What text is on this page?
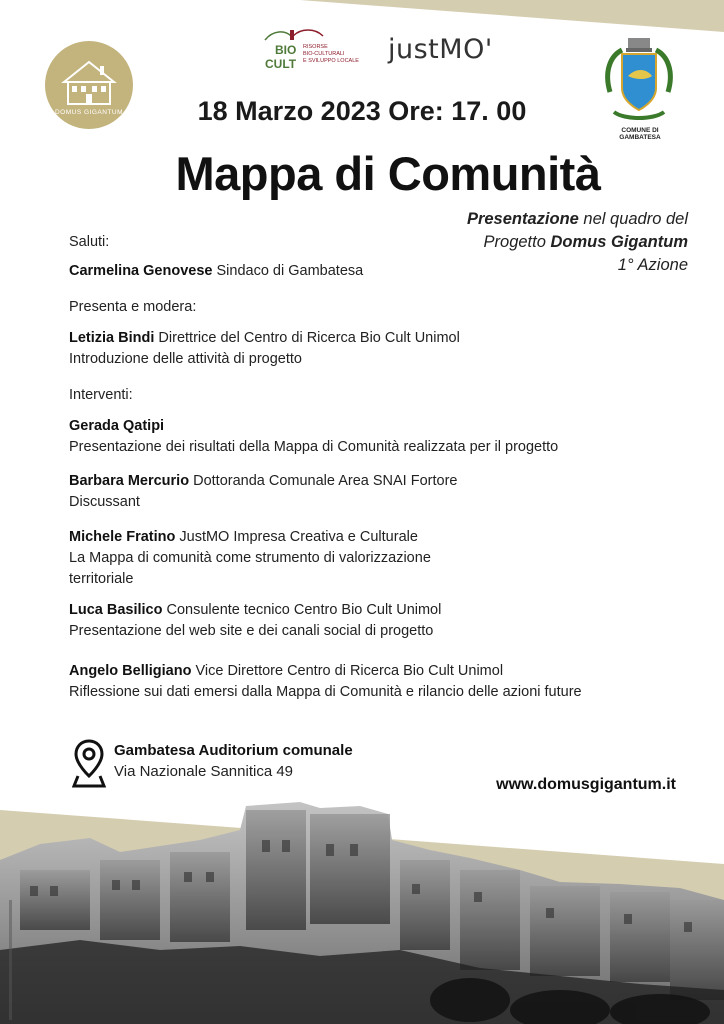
DOMUS GIGANTUM
BIO
CULT
RISORSE
BIO-CULTURALI
E SVILUPPO LOCALE justMO'
COMUNE DI GAMBATESA
18 Marzo 2023 Ore: 17. 00
Mappa di Comunità
Presentazione nel quadro del
Progetto Domus Gigantum
1° Azione
Saluti:
Carmelina Genovese Sindaco di Gambatesa
Presenta e modera:
Letizia Bindi Direttrice del Centro di Ricerca Bio Cult Unimol
Introduzione delle attività di progetto
Interventi:
Gerada Qatipi
Presentazione dei risultati della Mappa di Comunità realizzata per il progetto
Barbara Mercurio Dottoranda Comunale Area SNAI Fortore
Discussant
Michele Fratino JustMO Impresa Creativa e Culturale
La Mappa di comunità come strumento di valorizzazione
territoriale
Luca Basilico Consulente tecnico Centro Bio Cult Unimol
Presentazione del web site e dei canali social di progetto
Angelo Belligiano Vice Direttore Centro di Ricerca Bio Cult Unimol
Riflessione sui dati emersi dalla Mappa di Comunità e rilancio delle azioni future
Gambatesa Auditorium comunale
Via Nazionale Sannitica 49
www.domusgigantum.it
